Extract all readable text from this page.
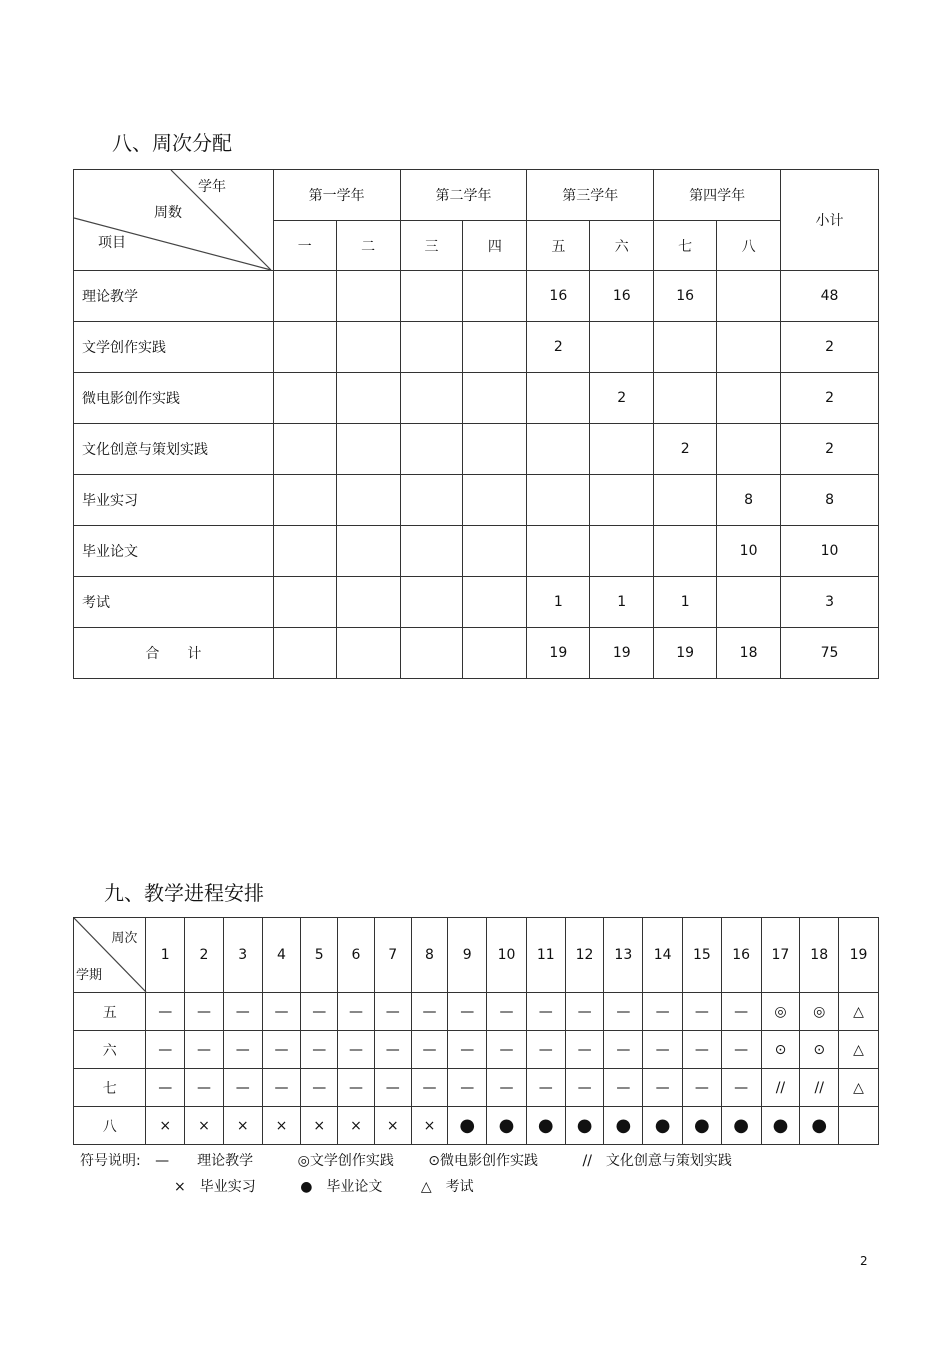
八、周次分配
学年
周数
项目	第一学年		第二学年		第三学年		第四学年		小计
	一	二	三	四	五	六	七	八	
理论教学					16	16	16		48
文学创作实践					2				2
微电影创作实践						2			2
文化创意与策划实践							2		2
毕业实习								8	8
毕业论文								10	10
考试					1	1	1		3
合　　计					19	19	19	18	75
九、教学进程安排
周次
学期	1	2	3	4	5	6	7	8	9	10	11	12	13	14	15	16	17	18	19
五	—	—	—	—	—	—	—	—	—	—	—	—	—	—	—	—	◎	◎	△
六	—	—	—	—	—	—	—	—	—	—	—	—	—	—	—	—	⊙	⊙	△
七	—	—	—	—	—	—	—	—	—	—	—	—	—	—	—	—	//	//	△
八	×	×	×	×	×	×	×	×	●	●	●	●	●	●	●	●	●	●	
符号说明: —　　理论教学	◎文学创作实践 ⊙微电影创作实践	//　文化创意与策划实践
×　毕业实习	●　毕业论文	△　考试
2
